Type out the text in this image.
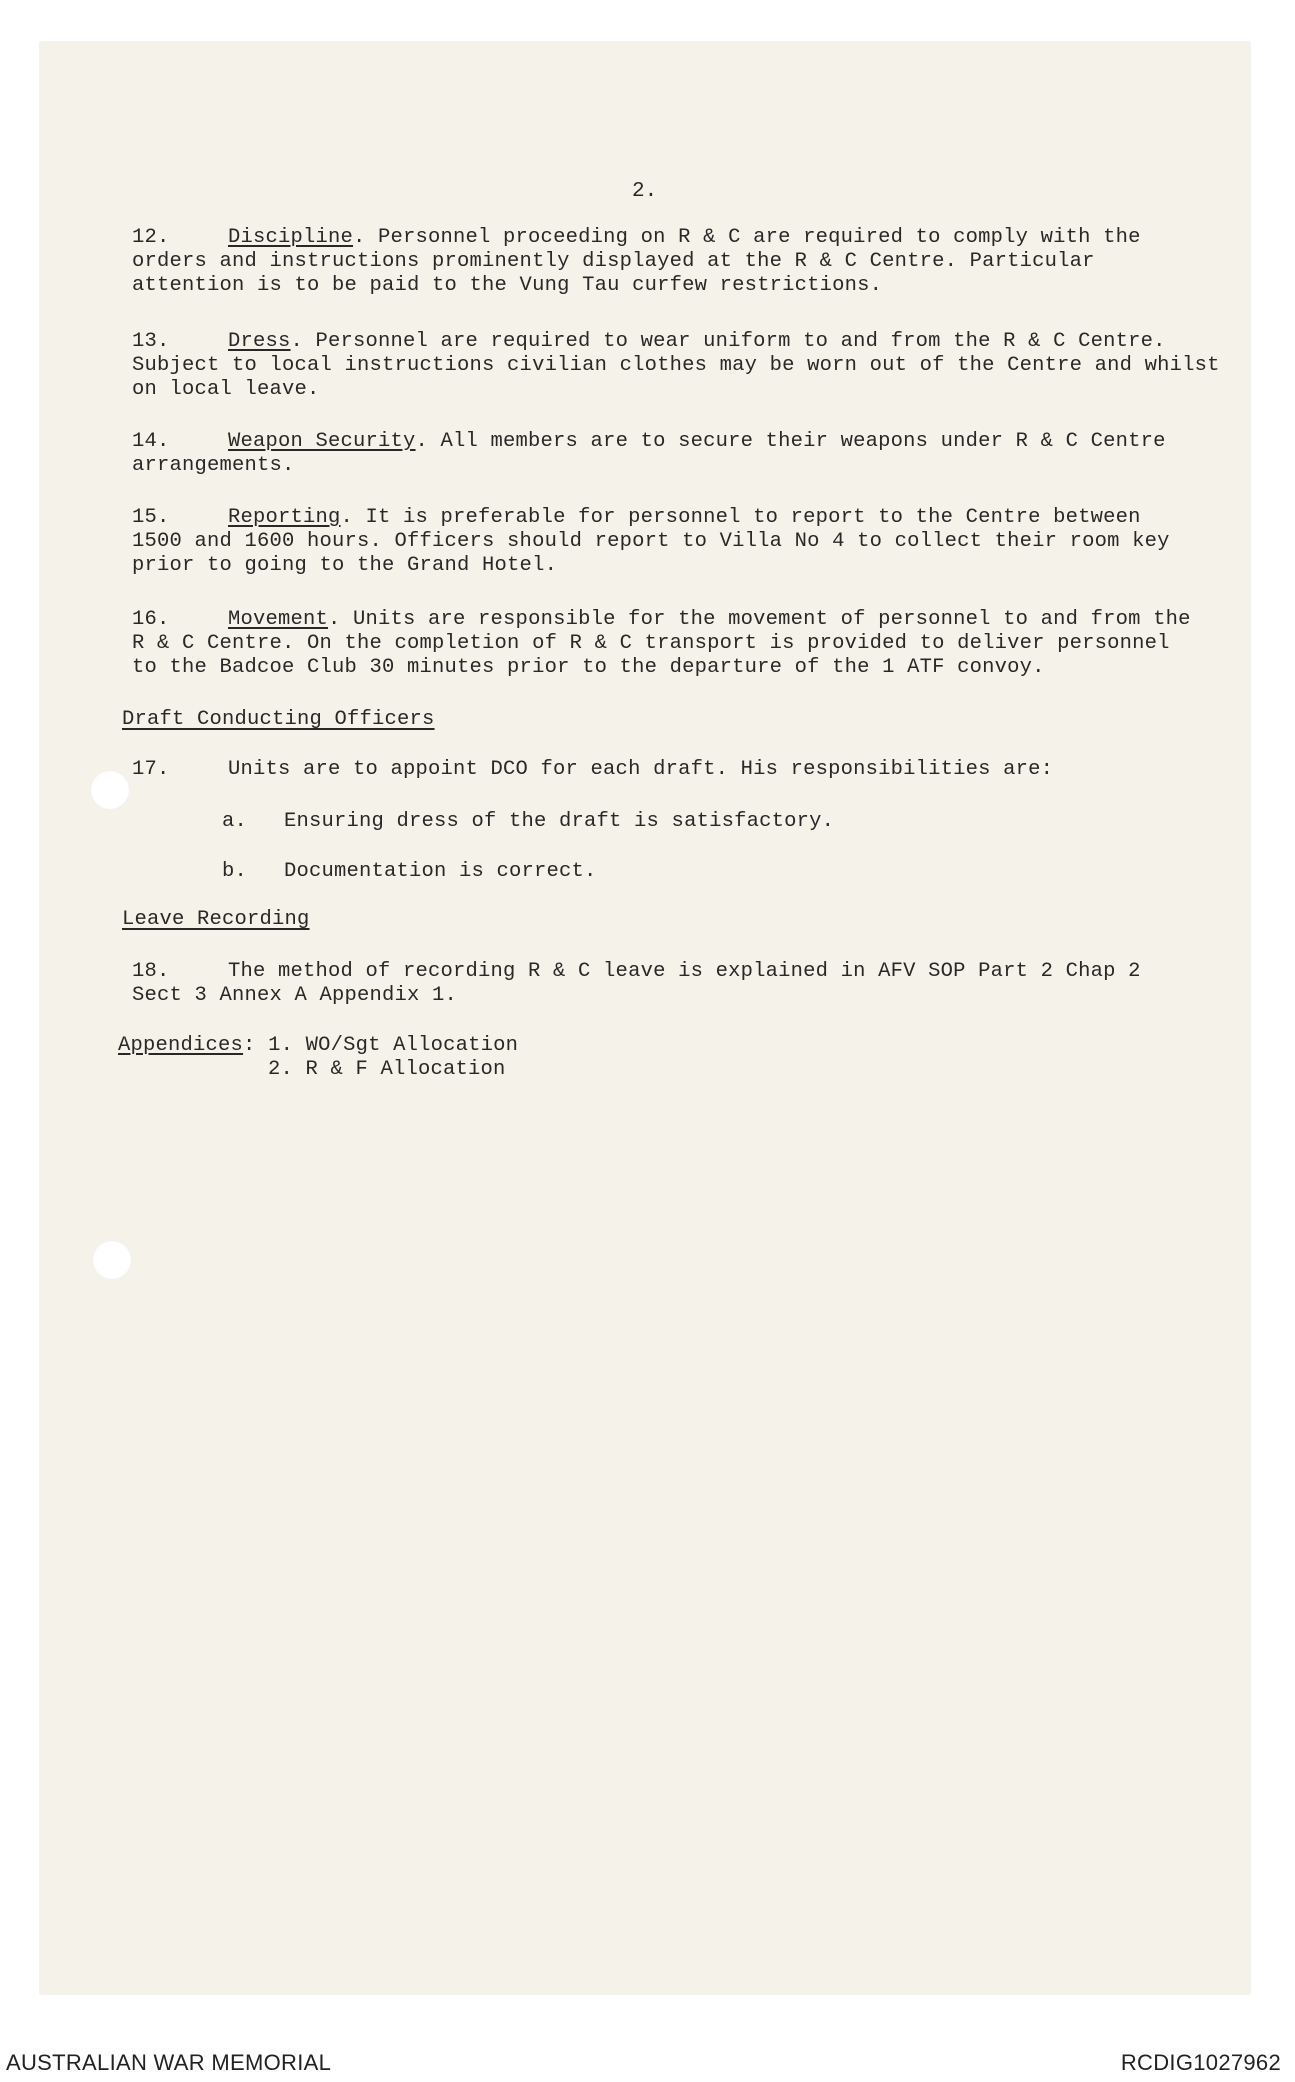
2.
12.	Discipline. Personnel proceeding on R & C are required to comply with the
orders and instructions prominently displayed at the R & C Centre. Particular
attention is to be paid to the Vung Tau curfew restrictions.
13.	Dress. Personnel are required to wear uniform to and from the R & C Centre.
Subject to local instructions civilian clothes may be worn out of the Centre and whilst
on local leave.
14.	Weapon Security. All members are to secure their weapons under R & C Centre
arrangements.
15.	Reporting. It is preferable for personnel to report to the Centre between
1500 and 1600 hours. Officers should report to Villa No 4 to collect their room key
prior to going to the Grand Hotel.
16.	Movement. Units are responsible for the movement of personnel to and from the
R & C Centre. On the completion of R & C transport is provided to deliver personnel
to the Badcoe Club 30 minutes prior to the departure of the 1 ATF convoy.
Draft Conducting Officers
17.	Units are to appoint DCO for each draft. His responsibilities are:
a. Ensuring dress of the draft is satisfactory.
b. Documentation is correct.
Leave Recording
18.	The method of recording R & C leave is explained in AFV SOP Part 2 Chap 2
Sect 3 Annex A Appendix 1.
Appendices: 1. WO/Sgt Allocation
2. R & F Allocation
AUSTRALIAN WAR MEMORIAL	RCDIG1027962
